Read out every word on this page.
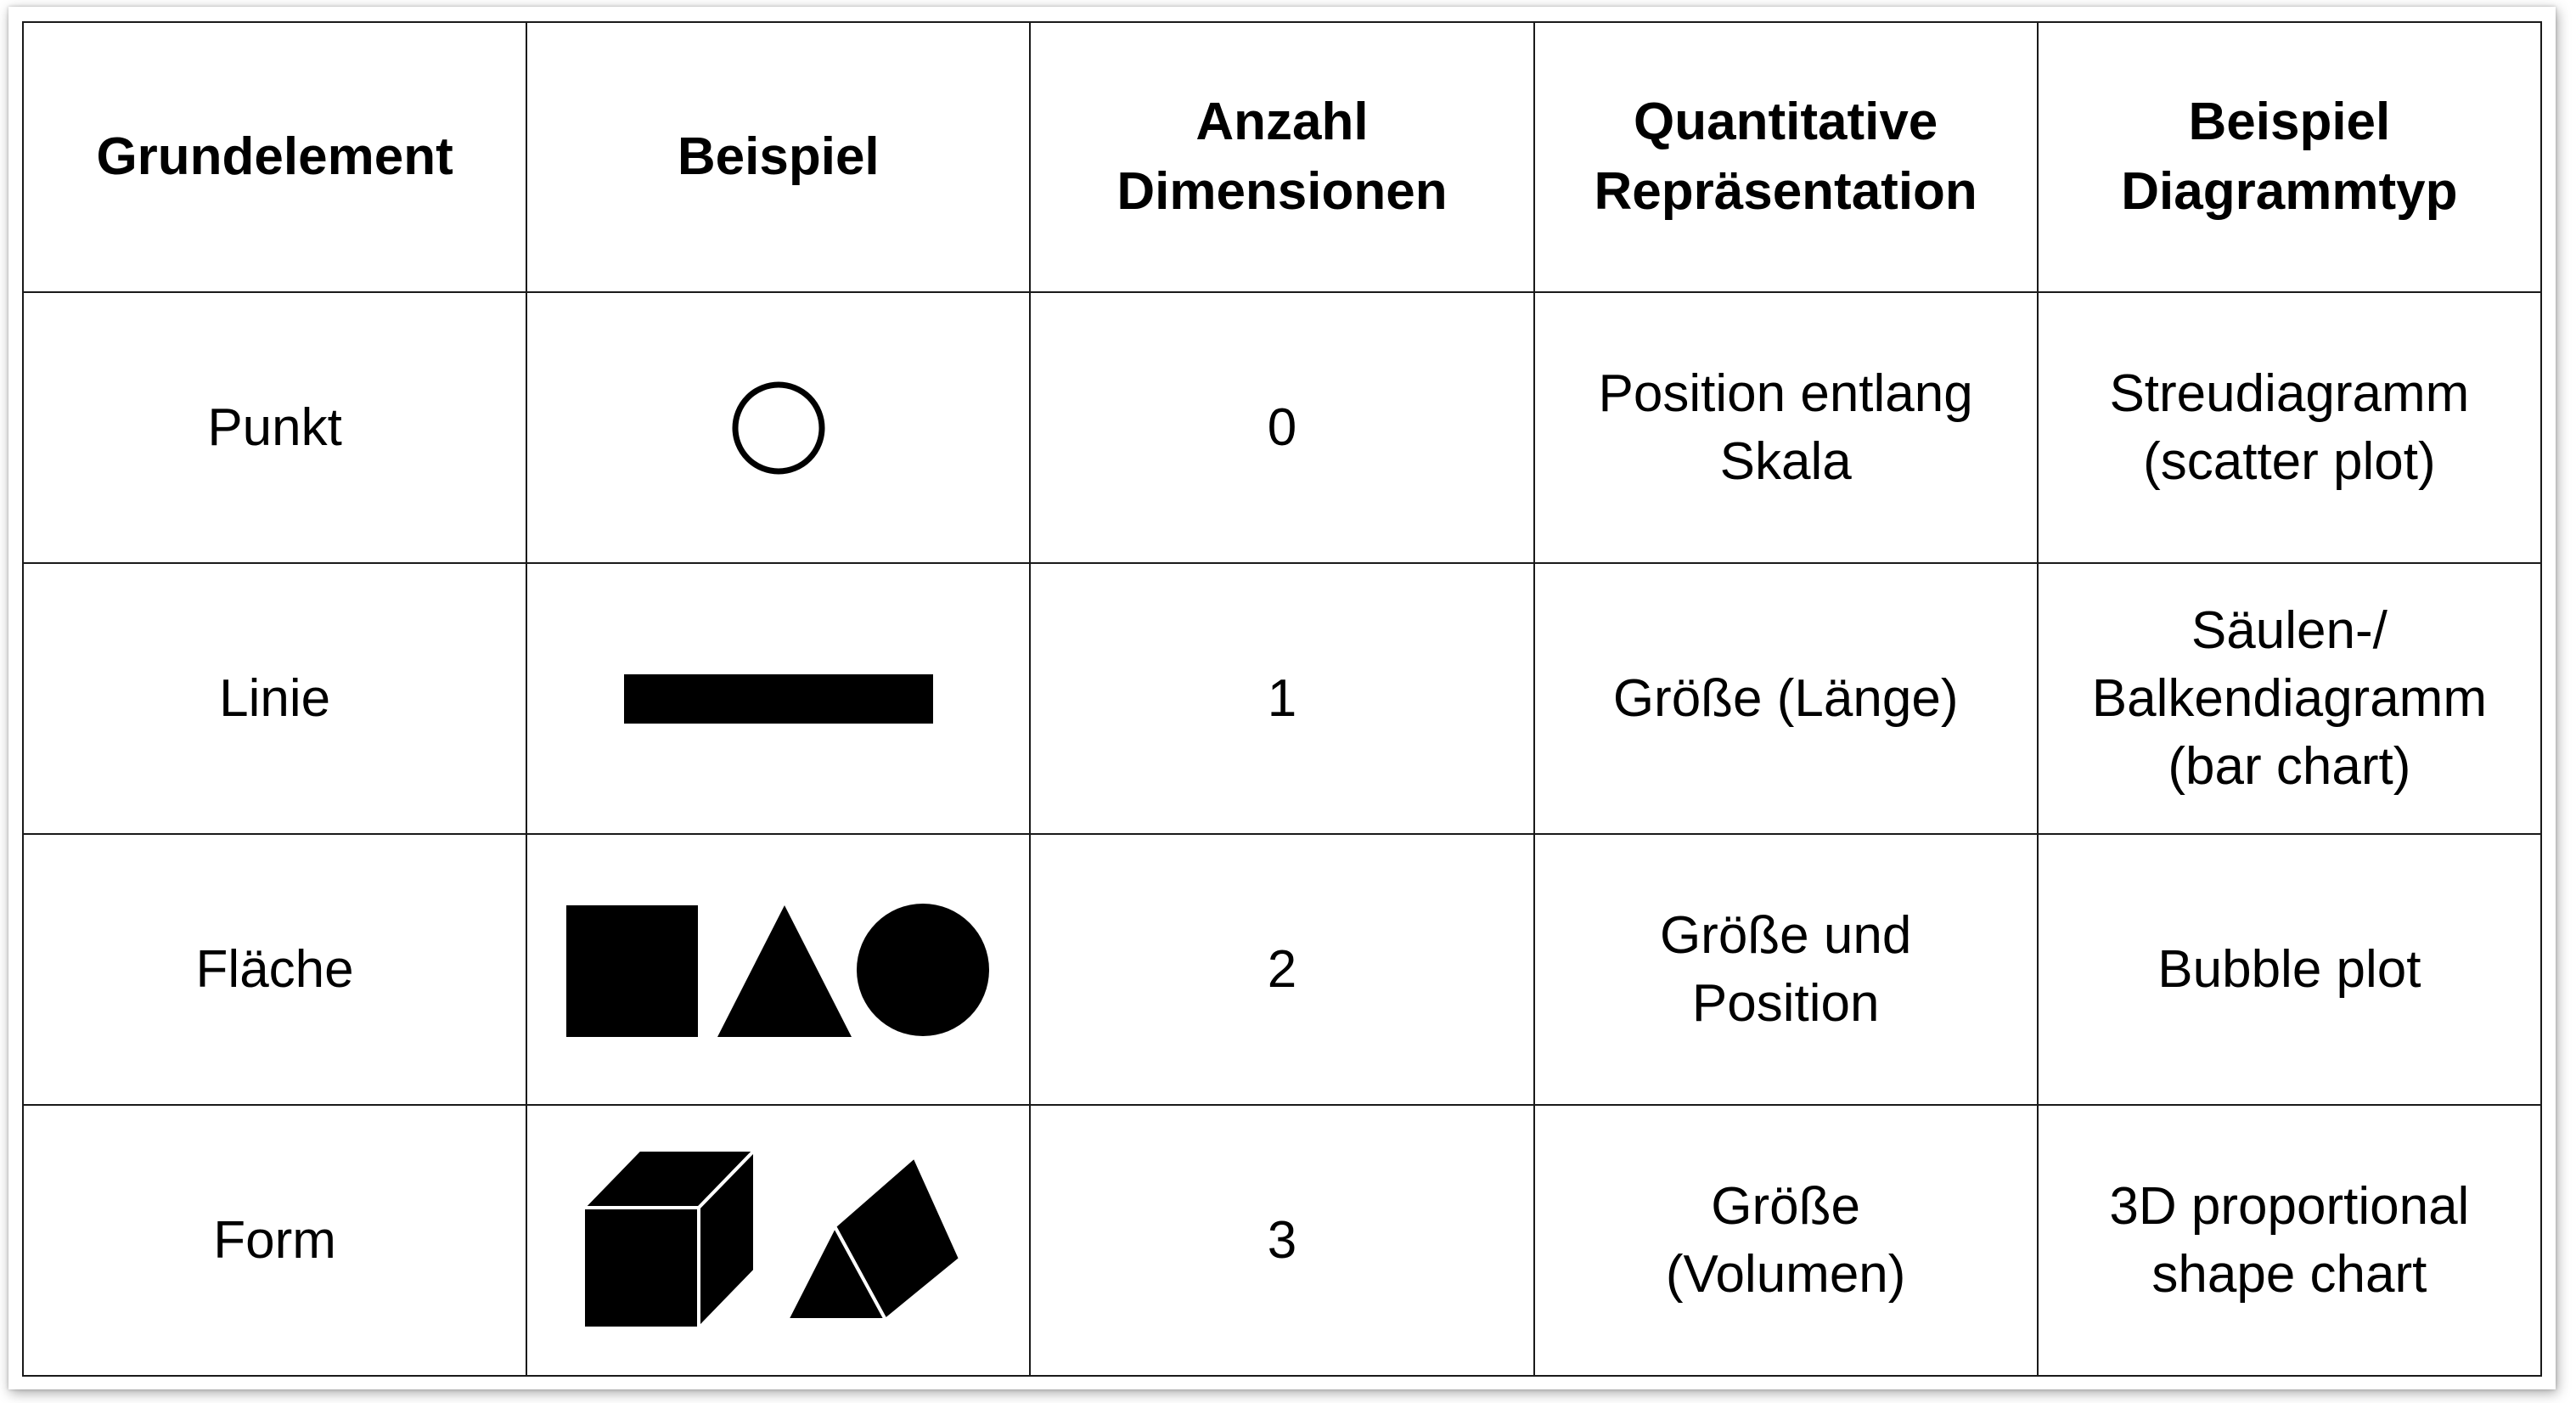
Grundelement	Beispiel	Anzahl Dimensionen	Quantitative Repräsentation	Beispiel Diagrammtyp
Punkt		0	Position entlang Skala	Streudiagramm (scatter plot)
Linie		1	Größe (Länge)	Säulen-/ Balkendiagramm (bar chart)
Fläche		2	Größe und Position	Bubble plot
Form		3	Größe (Volumen)	3D proportional shape chart
